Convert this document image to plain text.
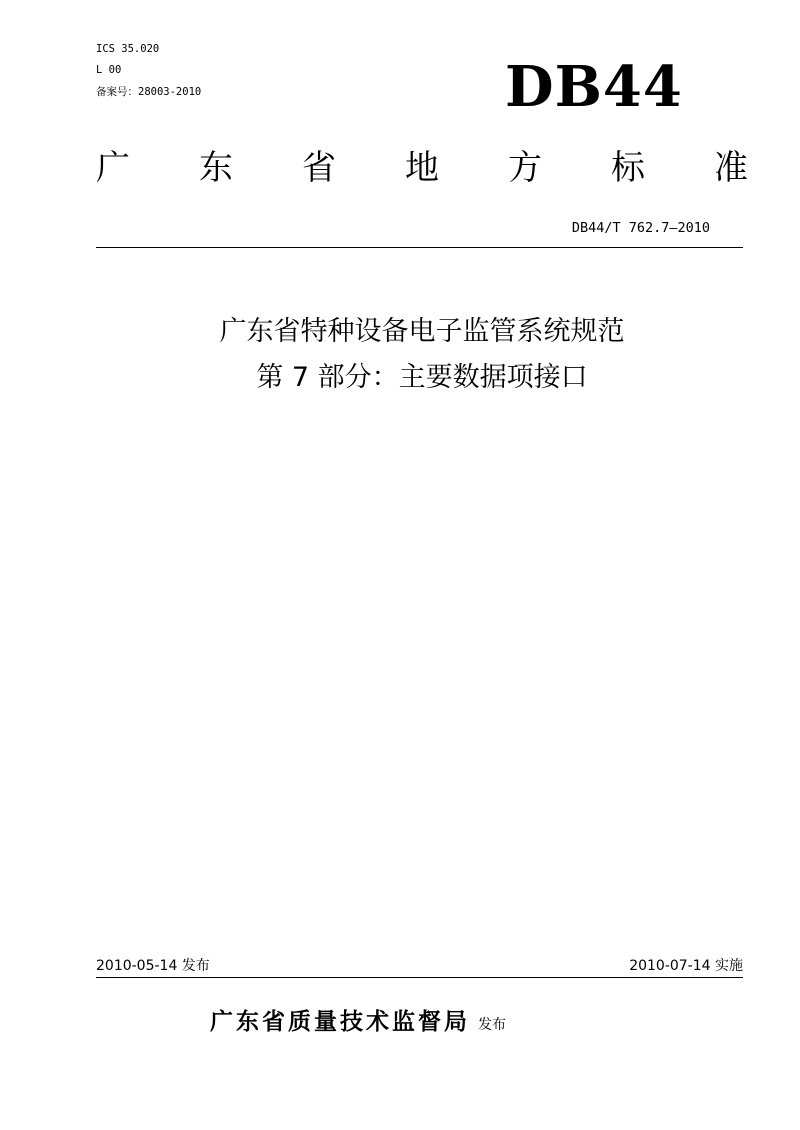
ICS 35.020
L 00
备案号：28003-2010	DB44
广 东 省 地 方 标 准
DB44/T 762.7—2010
广东省特种设备电子监管系统规范
第 7 部分：主要数据项接口
2010-05-14 发布	2010-07-14 实施
广东省质量技术监督局 发布
